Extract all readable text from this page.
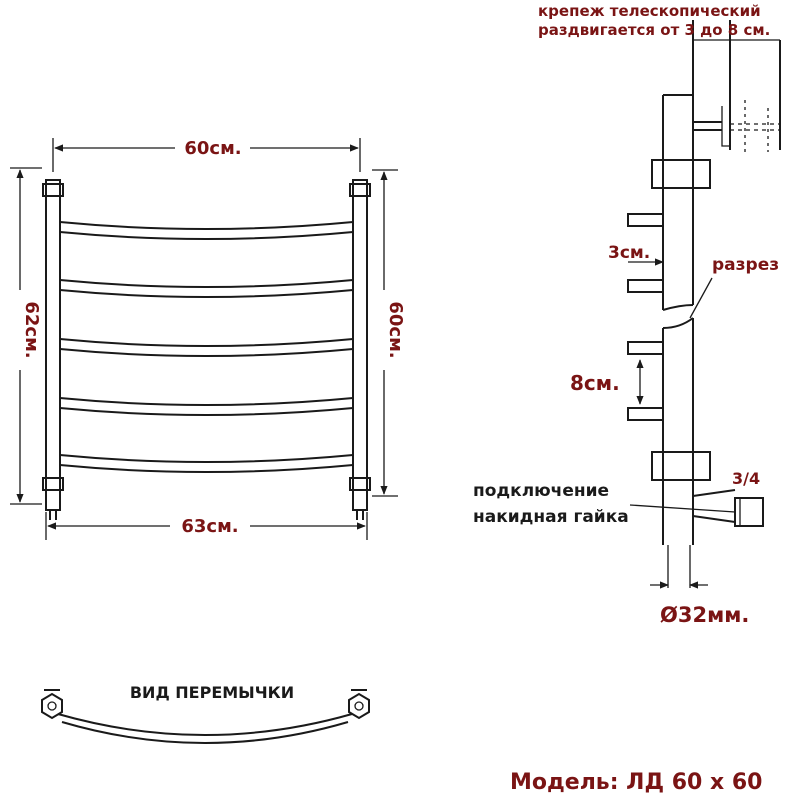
60см.
63см.
62см.	60см.
3см.
разрез
8см.
3/4
подключение
накидная гайка
Ø32мм.
крепеж телескопический
раздвигается от 3 до 8 см.
ВИД ПЕРЕМЫЧКИ
Модель: ЛД 60 х 60
